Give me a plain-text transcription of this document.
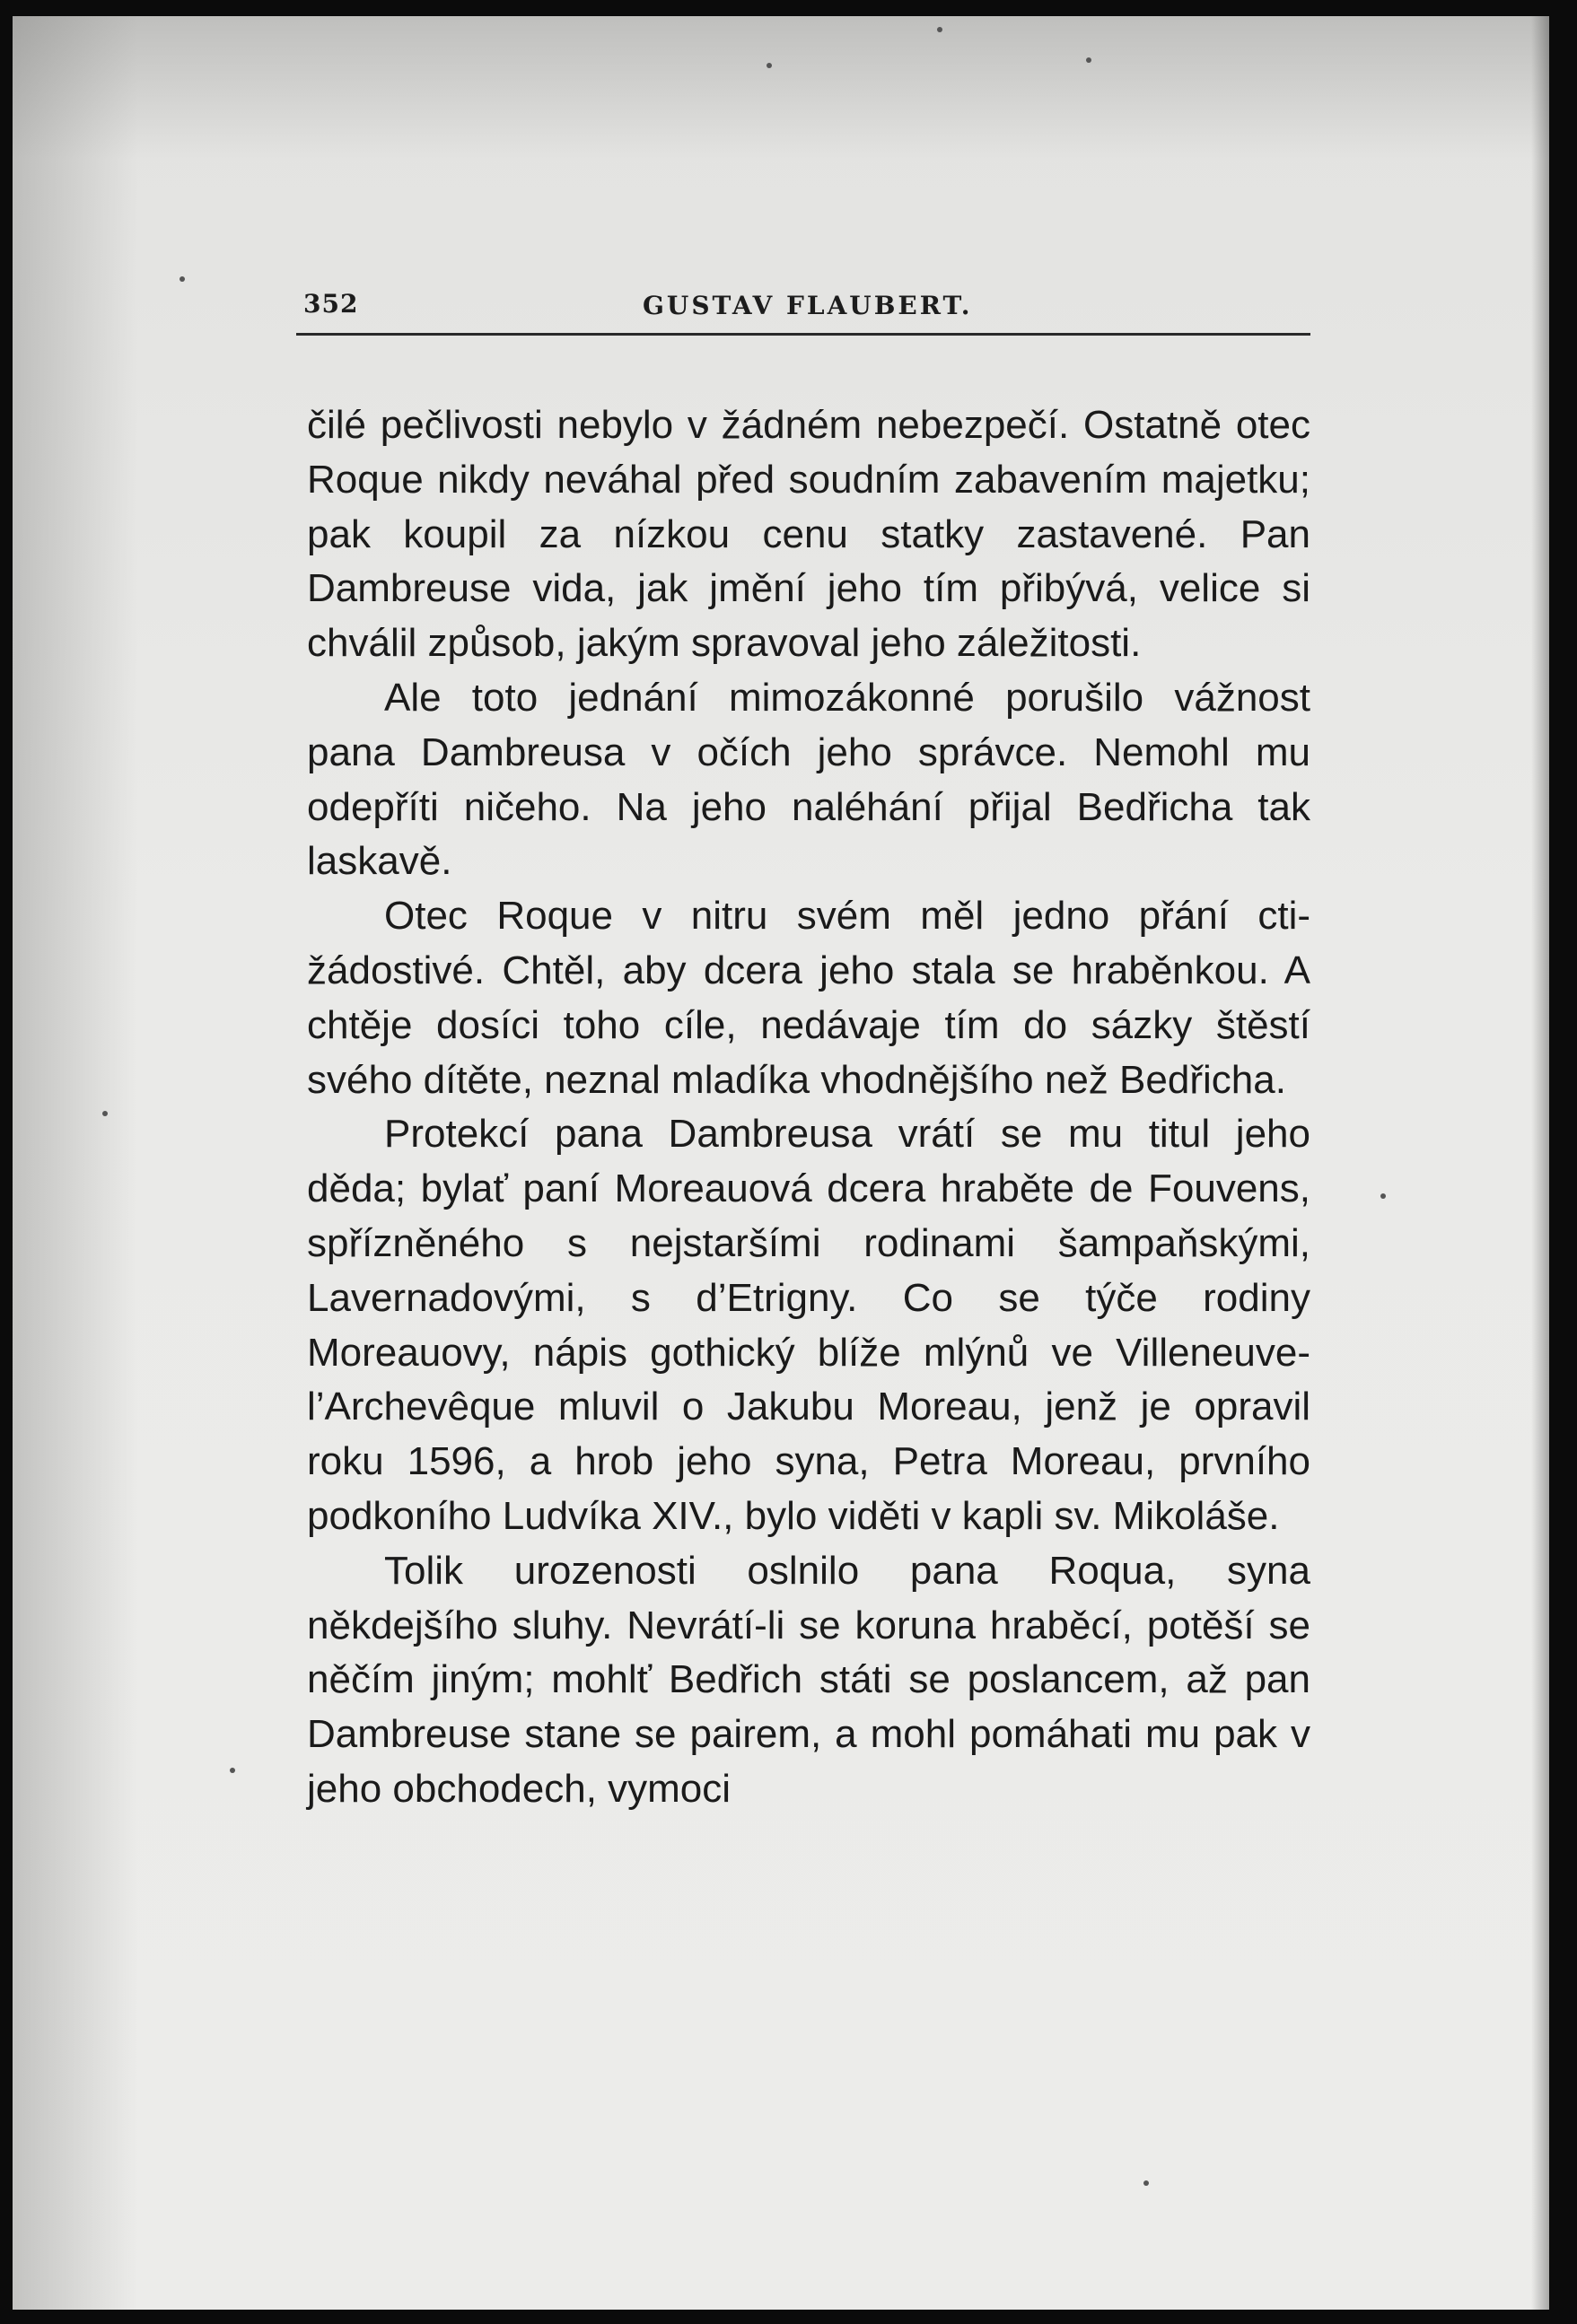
352	GUSTAV FLAUBERT.

čilé pečlivosti nebylo v žádném nebezpečí. Ostatně otec Roque nikdy neváhal před soudním zabavením majetku; pak koupil za nízkou cenu statky zastavené. Pan Dambreuse vida, jak jmění jeho tím přibývá, velice si chválil způsob, jakým spravoval jeho záležitosti.

Ale toto jednání mimozákonné porušilo vážnost pana Dambreusa v očích jeho správce. Nemohl mu odepříti ničeho. Na jeho naléhání přijal Bedřicha tak laskavě.

Otec Roque v nitru svém měl jedno přání ctižádostivé. Chtěl, aby dcera jeho stala se hraběnkou. A chtěje dosíci toho cíle, nedávaje tím do sázky štěstí svého dítěte, neznal mladíka vhodnějšího než Bedřicha.

Protekcí pana Dambreusa vrátí se mu titul jeho děda; bylať paní Moreauová dcera hraběte de Fouvens, spřízněného s nejstaršími rodinami šampaňskými, Lavernadovými, s d’Etrigny. Co se týče rodiny Moreauovy, nápis gothický blíže mlýnů ve Villeneuve-l’Archevêque mluvil o Jakubu Moreau, jenž je opravil roku 1596, a hrob jeho syna, Petra Moreau, prvního podkoního Ludvíka XIV., bylo viděti v kapli sv. Mikoláše.

Tolik urozenosti oslnilo pana Roqua, syna někdejšího sluhy. Nevrátí-li se koruna hraběcí, potěší se něčím jiným; mohlť Bedřich státi se poslancem, až pan Dambreuse stane se pairem, a mohl pomáhati mu pak v jeho obchodech, vymoci
